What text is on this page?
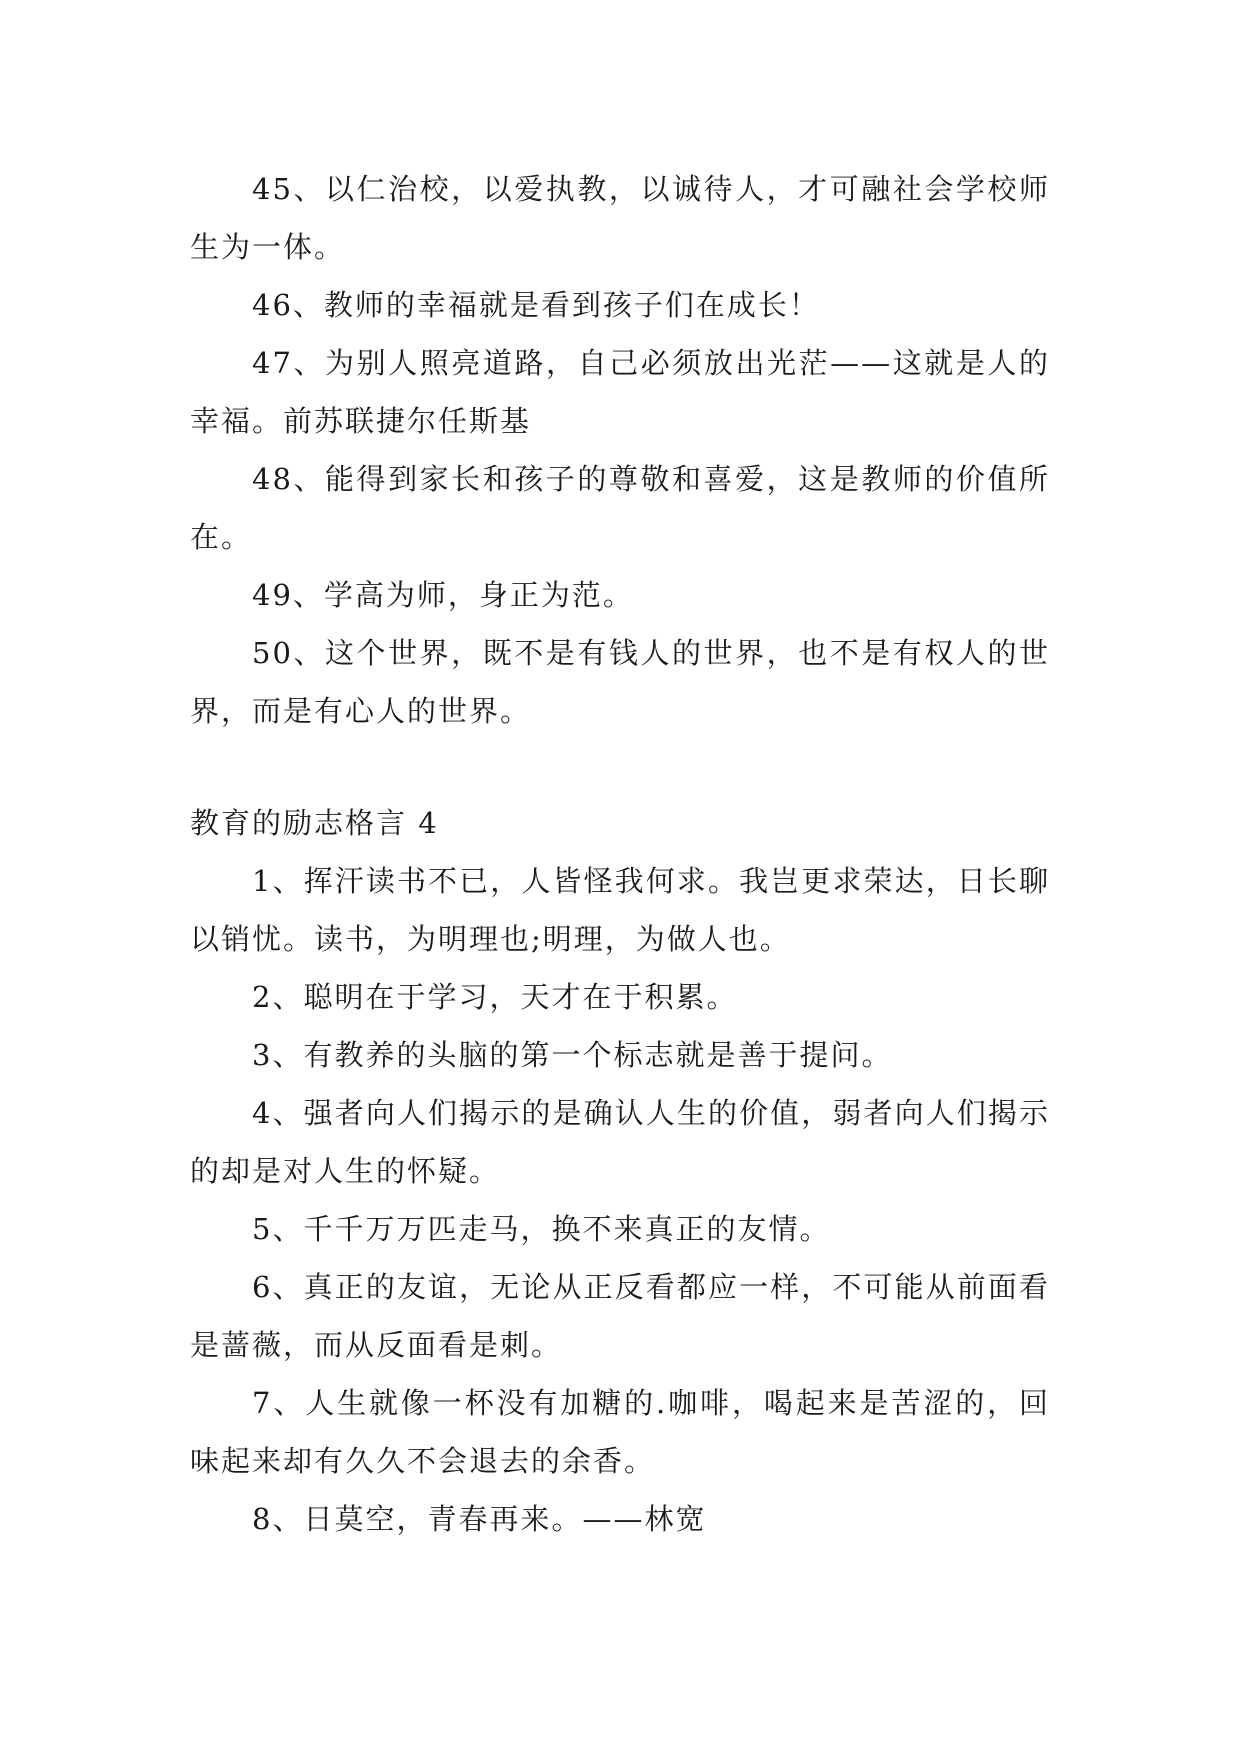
45、以仁治校，以爱执教，以诚待人，才可融社会学校师生为一体。

46、教师的幸福就是看到孩子们在成长！

47、为别人照亮道路，自己必须放出光茫——这就是人的幸福。前苏联捷尔任斯基

48、能得到家长和孩子的尊敬和喜爱，这是教师的价值所在。

49、学高为师，身正为范。

50、这个世界，既不是有钱人的世界，也不是有权人的世界，而是有心人的世界。

教育的励志格言 4

1、挥汗读书不已，人皆怪我何求。我岂更求荣达，日长聊以销忧。读书，为明理也;明理，为做人也。

2、聪明在于学习，天才在于积累。

3、有教养的头脑的第一个标志就是善于提问。

4、强者向人们揭示的是确认人生的价值，弱者向人们揭示的却是对人生的怀疑。

5、千千万万匹走马，换不来真正的友情。

6、真正的友谊，无论从正反看都应一样，不可能从前面看是蔷薇，而从反面看是刺。

7、人生就像一杯没有加糖的.咖啡，喝起来是苦涩的，回味起来却有久久不会退去的余香。

8、日莫空，青春再来。——林宽
